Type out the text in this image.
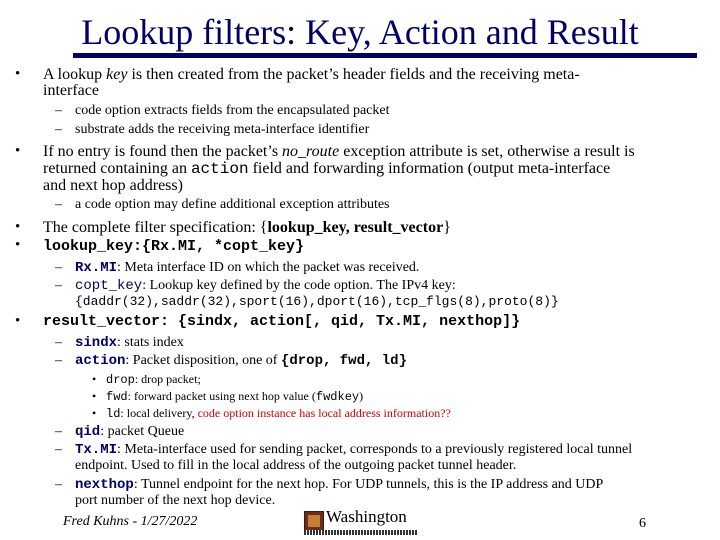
Lookup filters: Key, Action and Result
• A lookup key is then created from the packet’s header fields and the receiving meta-
interface
– code option extracts fields from the encapsulated packet
– substrate adds the receiving meta-interface identifier
• If no entry is found then the packet’s no_route exception attribute is set, otherwise a result is
returned containing an action field and forwarding information (output meta-interface
and next hop address)
– a code option may define additional exception attributes
• The complete filter specification: {lookup_key, result_vector}
• lookup_key:{Rx.MI, *copt_key}
– Rx.MI: Meta interface ID on which the packet was received.
– copt_key: Lookup key defined by the code option. The IPv4 key:
{daddr(32),saddr(32),sport(16),dport(16),tcp_flgs(8),proto(8)}
• result_vector: {sindx, action[, qid, Tx.MI, nexthop]}
– sindx: stats index
– action: Packet disposition, one of {drop, fwd, ld}
• drop: drop packet;
• fwd: forward packet using next hop value (fwdkey)
• ld: local delivery, code option instance has local address information??
– qid: packet Queue
– Tx.MI: Meta-interface used for sending packet, corresponds to a previously registered local tunnel
endpoint. Used to fill in the local address of the outgoing packet tunnel header.
– nexthop: Tunnel endpoint for the next hop. For UDP tunnels, this is the IP address and UDP
port number of the next hop device.
Fred Kuhns - 1/27/2022	Washington	6
